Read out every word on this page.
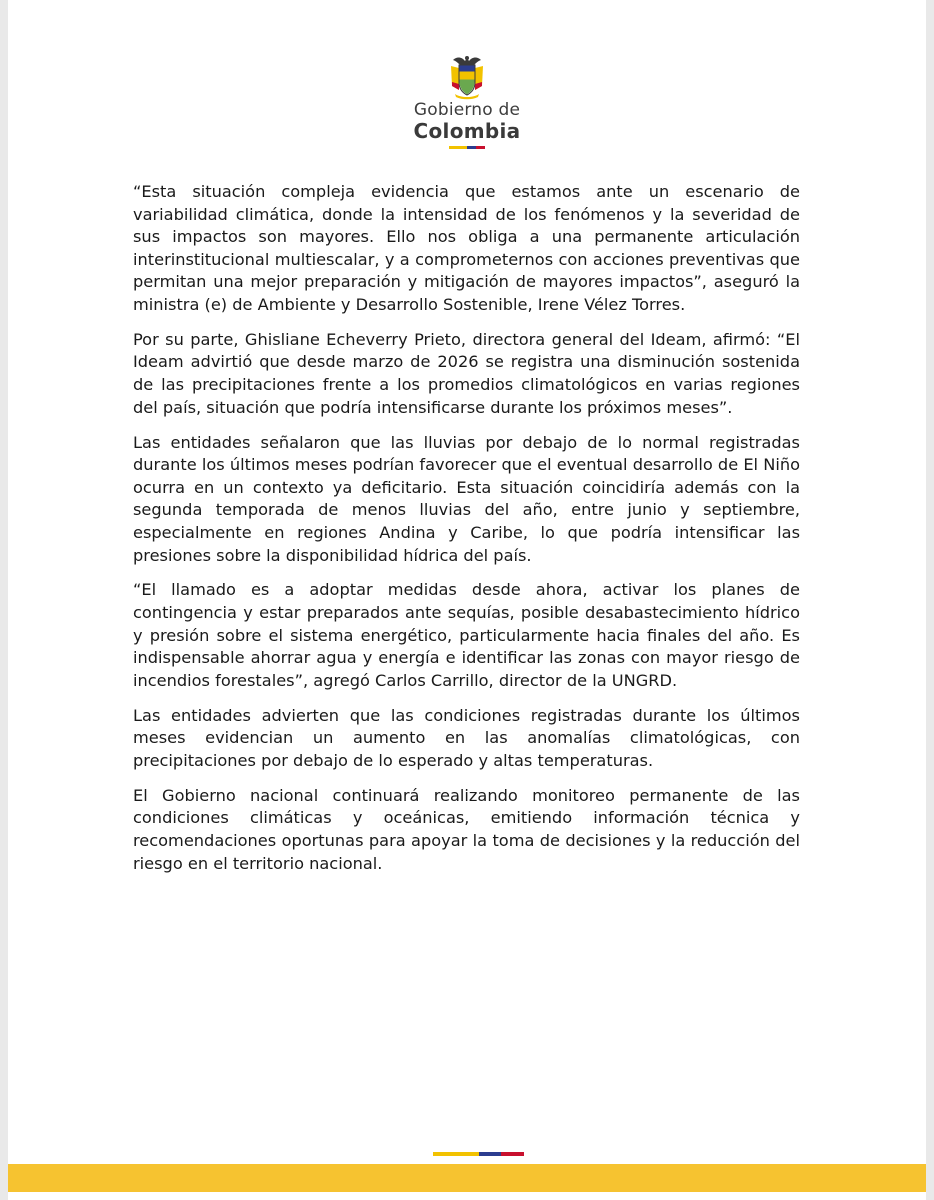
Gobierno de
Colombia

“Esta situación compleja evidencia que estamos ante un escenario de variabilidad climática, donde la intensidad de los fenómenos y la severidad de sus impactos son mayores. Ello nos obliga a una permanente articulación interinstitucional multiescalar, y a comprometernos con acciones preventivas que permitan una mejor preparación y mitigación de mayores impactos”, aseguró la ministra (e) de Ambiente y Desarrollo Sostenible, Irene Vélez Torres.

Por su parte, Ghisliane Echeverry Prieto, directora general del Ideam, afirmó: “El Ideam advirtió que desde marzo de 2026 se registra una disminución sostenida de las precipitaciones frente a los promedios climatológicos en varias regiones del país, situación que podría intensificarse durante los próximos meses”.

Las entidades señalaron que las lluvias por debajo de lo normal registradas durante los últimos meses podrían favorecer que el eventual desarrollo de El Niño ocurra en un contexto ya deficitario. Esta situación coincidiría además con la segunda temporada de menos lluvias del año, entre junio y septiembre, especialmente en regiones Andina y Caribe, lo que podría intensificar las presiones sobre la disponibilidad hídrica del país.

“El llamado es a adoptar medidas desde ahora, activar los planes de contingencia y estar preparados ante sequías, posible desabastecimiento hídrico y presión sobre el sistema energético, particularmente hacia finales del año. Es indispensable ahorrar agua y energía e identificar las zonas con mayor riesgo de incendios forestales”, agregó Carlos Carrillo, director de la UNGRD.

Las entidades advierten que las condiciones registradas durante los últimos meses evidencian un aumento en las anomalías climatológicas, con precipitaciones por debajo de lo esperado y altas temperaturas.

El Gobierno nacional continuará realizando monitoreo permanente de las condiciones climáticas y oceánicas, emitiendo información técnica y recomendaciones oportunas para apoyar la toma de decisiones y la reducción del riesgo en el territorio nacional.
